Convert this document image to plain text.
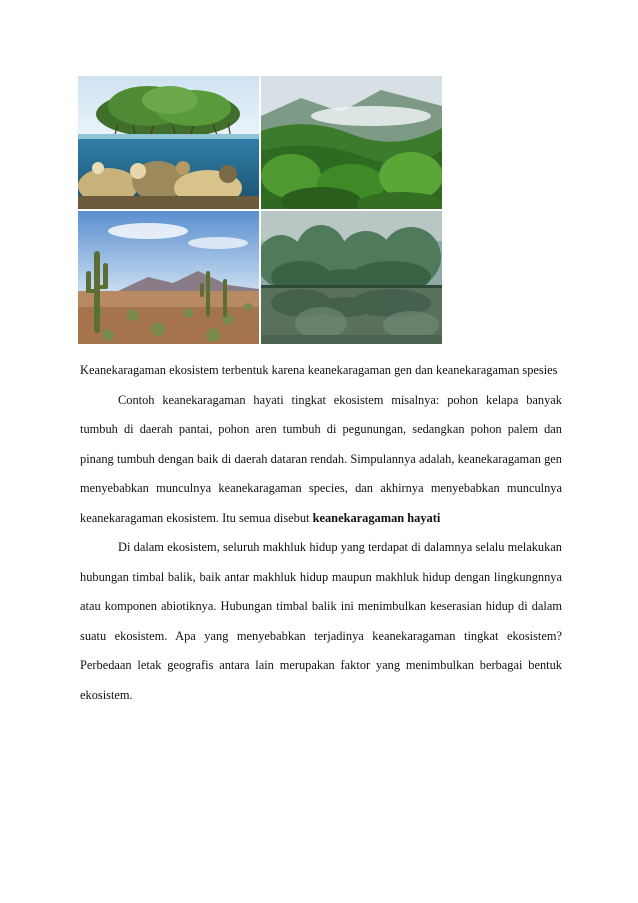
Keanekaragaman ekosistem terbentuk karena keanekaragaman gen dan keanekaragaman spesies

Contoh keanekaragaman hayati tingkat ekosistem misalnya: pohon kelapa banyak tumbuh di daerah pantai, pohon aren tumbuh di pegunungan, sedangkan pohon palem dan pinang tumbuh dengan baik di daerah dataran rendah. Simpulannya adalah, keanekaragaman gen menyebabkan munculnya keanekaragaman species, dan akhirnya menyebabkan munculnya keanekaragaman ekosistem. Itu semua disebut keanekaragaman hayati

Di dalam ekosistem, seluruh makhluk hidup yang terdapat di dalamnya selalu melakukan hubungan timbal balik, baik antar makhluk hidup maupun makhluk hidup dengan lingkungnnya atau komponen abiotiknya. Hubungan timbal balik ini menimbulkan keserasian hidup di dalam suatu ekosistem. Apa yang menyebabkan terjadinya keanekaragaman tingkat ekosistem? Perbedaan letak geografis antara lain merupakan faktor yang menimbulkan berbagai bentuk ekosistem.
